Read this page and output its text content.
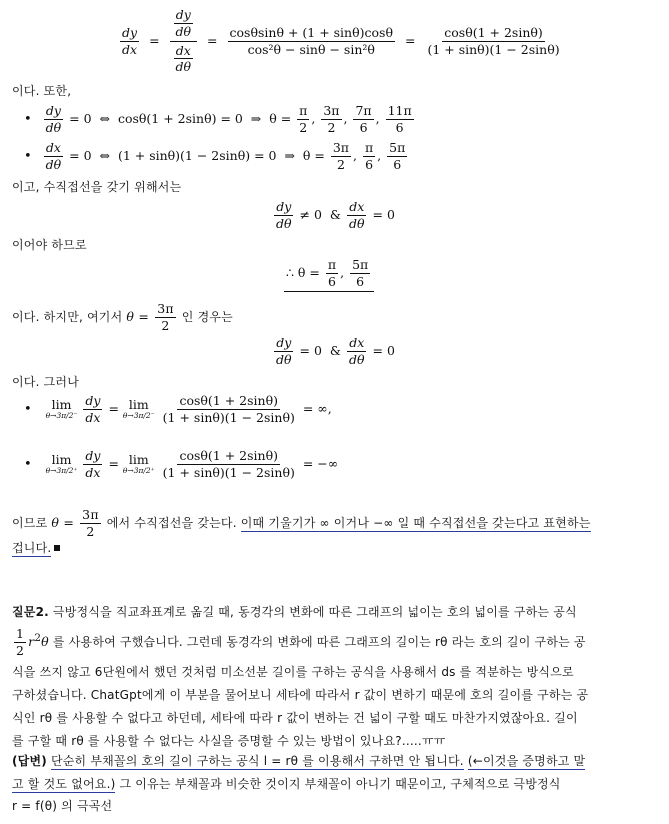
$\frac{dy}{dx} = \frac{\frac{dy}{d\theta}}{\frac{dx}{d\theta}} = \frac{\cos\theta\sin\theta + (1 + \sin\theta)\cos\theta}{\text{cos²θ − sinθ − sin²θ}} = \frac{\cos\theta(1 + 2\sin\theta)}{(1 + \sin\theta)(1 - 2\sin\theta)}$
이다. 또한,
• $\frac{dy}{d\theta} = 0$  ⇔  cosθ(1 + 2sinθ) = 0  ⇒  $\theta = \frac{\pi}{2}$ , $\frac{3\pi}{2}$ , $\frac{7\pi}{6}$ , $\frac{11\pi}{6}$
• $\frac{dx}{d\theta} = 0$  ⇔  (1 + sinθ)(1 − 2sinθ) = 0  ⇒  $\theta = \frac{3\pi}{2}$ , $\frac{\pi}{6}$ , $\frac{5\pi}{6}$
이고, 수직접선을 갖기 위해서는
$\frac{dy}{d\theta} \ne 0$  & $\frac{dx}{d\theta} = 0$
이어야 하므로
∴ $\theta = \frac{\pi}{6}$ , $\frac{5\pi}{6}$
이다. 하지만, 여기서 $\theta = \frac{3\pi}{2}$ 인 경우는
$\frac{dy}{d\theta} = 0$  & $\frac{dx}{d\theta} = 0$
이다. 그러나
• lim
θ→3π/2⁻
$\frac{dy}{dx} = \lim$
θ→3π/2⁻
$\frac{\cos\theta(1 + 2\sin\theta)}{(1 + \sin\theta)(1 - 2\sin\theta)}$ = ∞,
• lim
θ→3π/2⁺
$\frac{dy}{dx} = \lim$
θ→3π/2⁺
$\frac{\cos\theta(1 + 2\sin\theta)}{(1 + \sin\theta)(1 - 2\sin\theta)}$ = −∞
이므로 $\theta = \frac{3\pi}{2}$ 에서 수직접선을 갖는다. 이때 기울기가 ∞ 이거나 −∞ 일 때 수직접선을 갖는다고 표현하는
겁니다.
질문2. 극방정식을 직교좌표계로 옮길 때, 동경각의 변화에 따른 그래프의 넓이는 호의 넓이를 구하는 공식
$\frac{1}{2} r^2\theta$ 를 사용하여 구했습니다. 그런데 동경각의 변화에 따른 그래프의 길이는 rθ 라는 호의 길이 구하는 공
식을 쓰지 않고 6단원에서 했던 것처럼 미소선분 길이를 구하는 공식을 사용해서 ds 를 적분하는 방식으로
구하셨습니다. ChatGpt에게 이 부분을 물어보니 세타에 따라서 r 값이 변하기 때문에 호의 길이를 구하는 공
식인 rθ 를 사용할 수 없다고 하던데, 세타에 따라 r 값이 변하는 건 넓이 구할 때도 마찬가지였잖아요. 길이
를 구할 때 rθ 를 사용할 수 없다는 사실을 증명할 수 있는 방법이 있나요?.....ㅠㅠ
(답변) 단순히 부채꼴의 호의 길이 구하는 공식 l = rθ 를 이용해서 구하면 안 됩니다. (←이것을 증명하고 말
고 할 것도 없어요.) 그 이유는 부채꼴과 비슷한 것이지 부채꼴이 아니기 때문이고, 구체적으로 극방정식
r = f(θ) 의 극곡선
